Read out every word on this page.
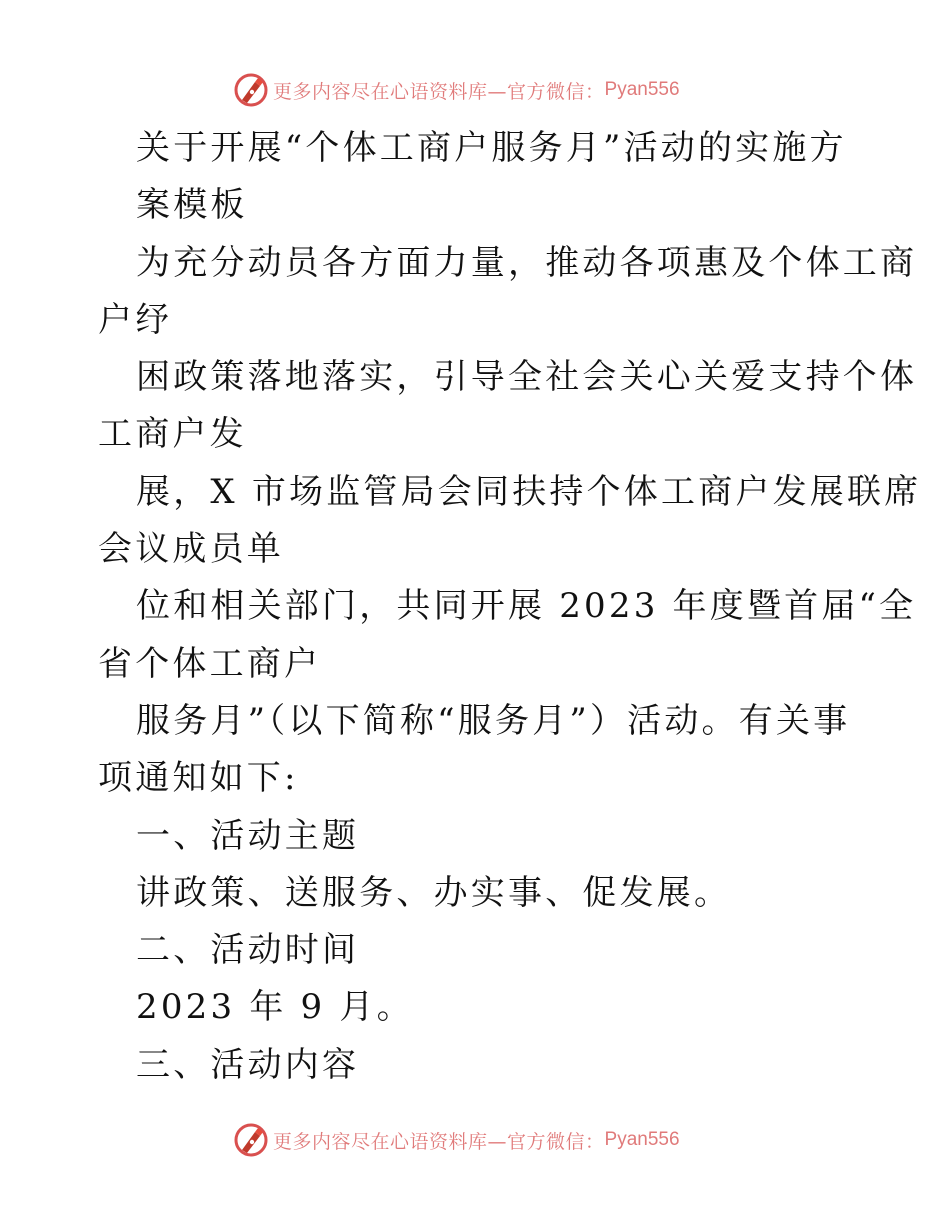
更多内容尽在心语资料库—官方微信： Pyan556

关于开展“个体工商户服务月”活动的实施方

案模板

为充分动员各方面力量，推动各项惠及个体工商

户纾

困政策落地落实，引导全社会关心关爱支持个体

工商户发

展，X 市场监管局会同扶持个体工商户发展联席

会议成员单

位和相关部门，共同开展 2023 年度暨首届“全

省个体工商户

服务月”（以下简称“服务月”）活动。有关事

项通知如下:

一、活动主题

讲政策、送服务、办实事、促发展。

二、活动时间

2023 年 9 月。

三、活动内容

更多内容尽在心语资料库—官方微信： Pyan556
